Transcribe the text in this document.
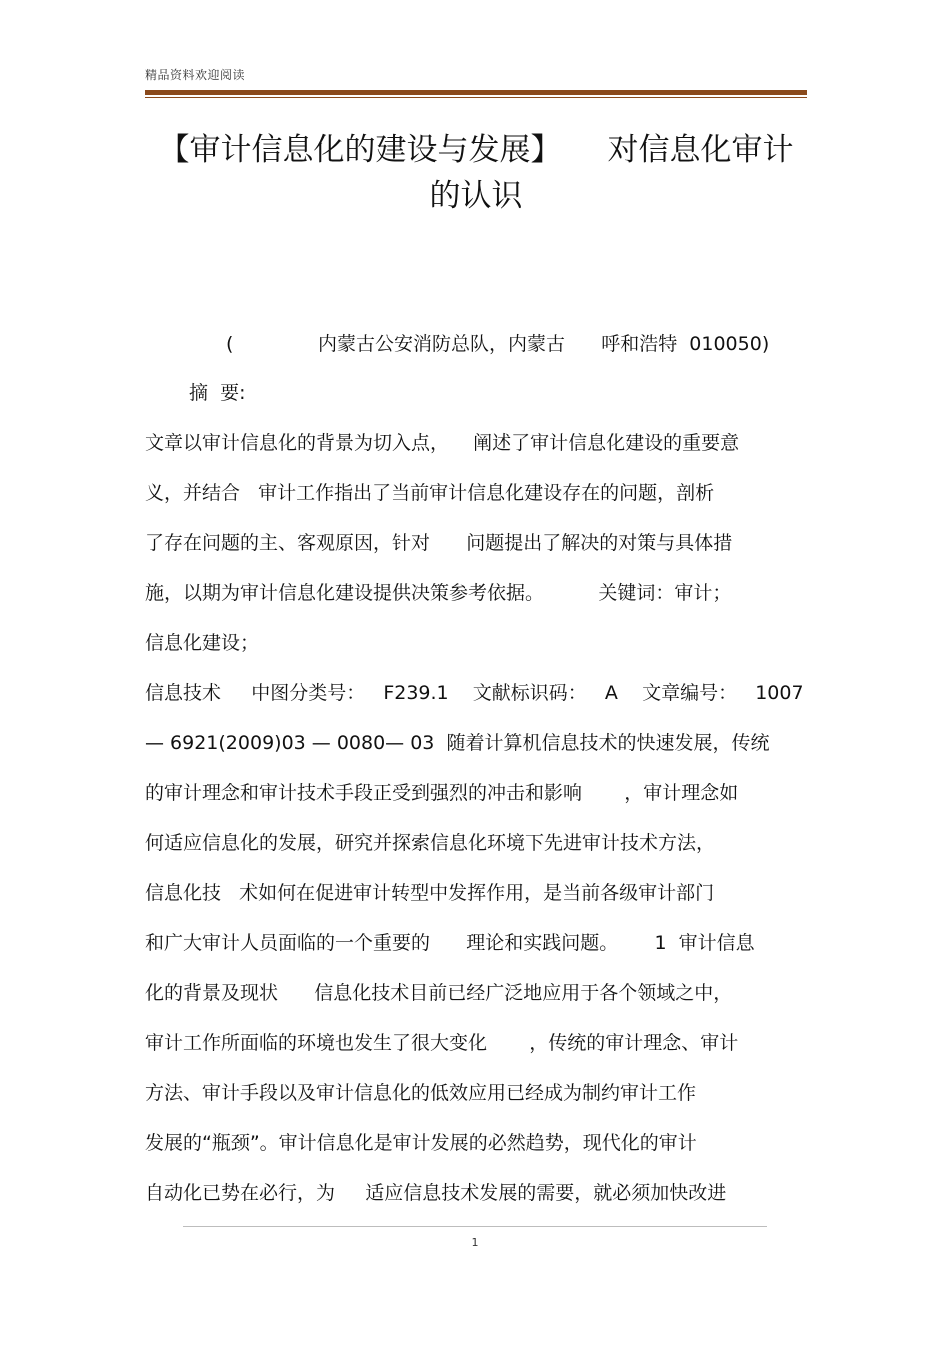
精品资料欢迎阅读
【审计信息化的建设与发展】 对信息化审计
的认识
(              内蒙古公安消防总队，内蒙古      呼和浩特  010050)
摘  要:
文章以审计信息化的背景为切入点，    阐述了审计信息化建设的重要意
义，并结合   审计工作指出了当前审计信息化建设存在的问题，剖析
了存在问题的主、客观原因，针对      问题提出了解决的对策与具体措
施，以期为审计信息化建设提供决策参考依据。         关键词：审计；
信息化建设；
信息技术     中图分类号：   F239.1    文献标识码：   A    文章编号：   1007
— 6921(2009)03 — 0080— 03  随着计算机信息技术的快速发展，传统
的审计理念和审计技术手段正受到强烈的冲击和影响       ，审计理念如
何适应信息化的发展，研究并探索信息化环境下先进审计技术方法，
信息化技   术如何在促进审计转型中发挥作用，是当前各级审计部门
和广大审计人员面临的一个重要的      理论和实践问题。      1  审计信息
化的背景及现状      信息化技术目前已经广泛地应用于各个领域之中，
审计工作所面临的环境也发生了很大变化       ，传统的审计理念、审计
方法、审计手段以及审计信息化的低效应用已经成为制约审计工作
发展的“瓶颈”。审计信息化是审计发展的必然趋势，现代化的审计
自动化已势在必行，为     适应信息技术发展的需要，就必须加快改进
1
